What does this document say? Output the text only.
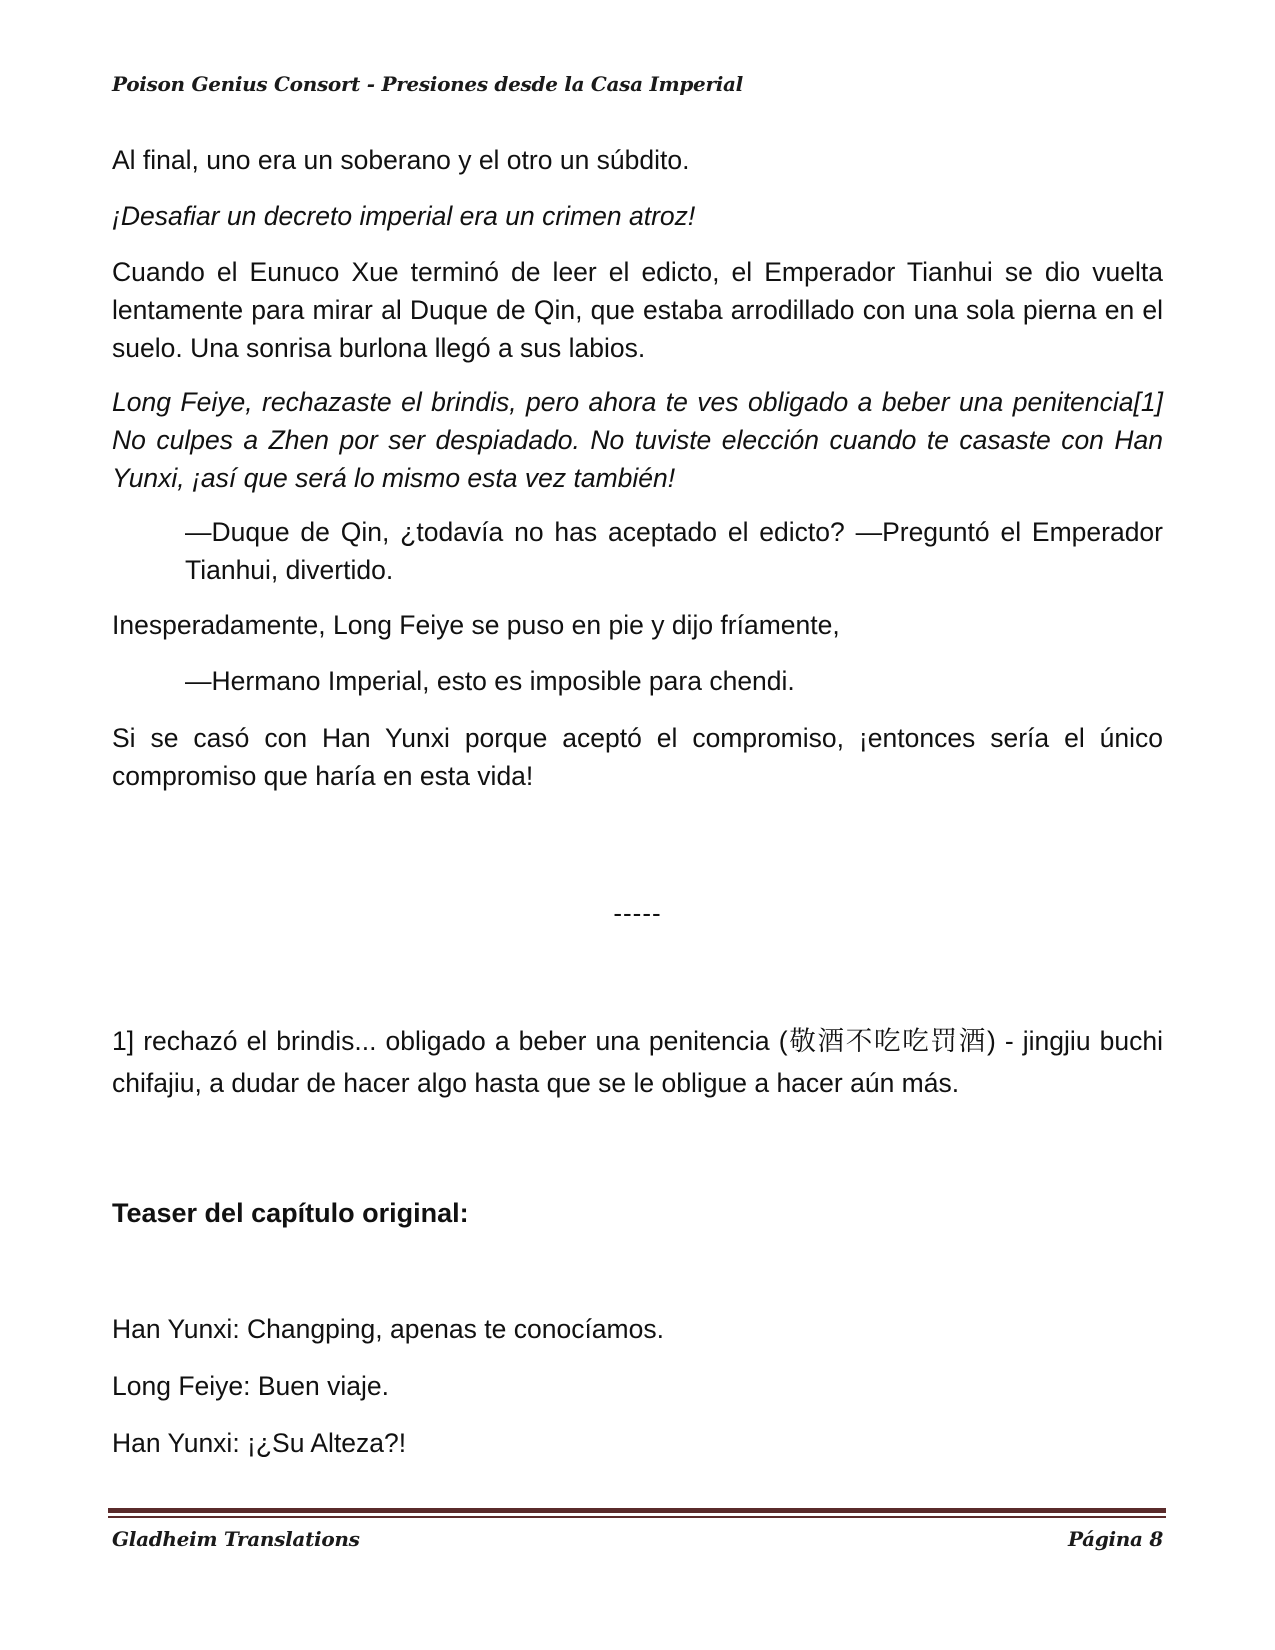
Poison Genius Consort - Presiones desde la Casa Imperial

Al final, uno era un soberano y el otro un súbdito.

¡Desafiar un decreto imperial era un crimen atroz!

Cuando el Eunuco Xue terminó de leer el edicto, el Emperador Tianhui se dio vuelta lentamente para mirar al Duque de Qin, que estaba arrodillado con una sola pierna en el suelo. Una sonrisa burlona llegó a sus labios.

Long Feiye, rechazaste el brindis, pero ahora te ves obligado a beber una penitencia[1] No culpes a Zhen por ser despiadado. No tuviste elección cuando te casaste con Han Yunxi, ¡así que será lo mismo esta vez también!

—Duque de Qin, ¿todavía no has aceptado el edicto? —Preguntó el Emperador Tianhui, divertido.

Inesperadamente, Long Feiye se puso en pie y dijo fríamente,

—Hermano Imperial, esto es imposible para chendi.

Si se casó con Han Yunxi porque aceptó el compromiso, ¡entonces sería el único compromiso que haría en esta vida!

-----

1] rechazó el brindis... obligado a beber una penitencia (敬酒不吃吃罚酒) - jingjiu buchi chifajiu, a dudar de hacer algo hasta que se le obligue a hacer aún más.

Teaser del capítulo original:

Han Yunxi: Changping, apenas te conocíamos.

Long Feiye: Buen viaje.

Han Yunxi: ¡¿Su Alteza?!

Gladheim Translations	Página 8
